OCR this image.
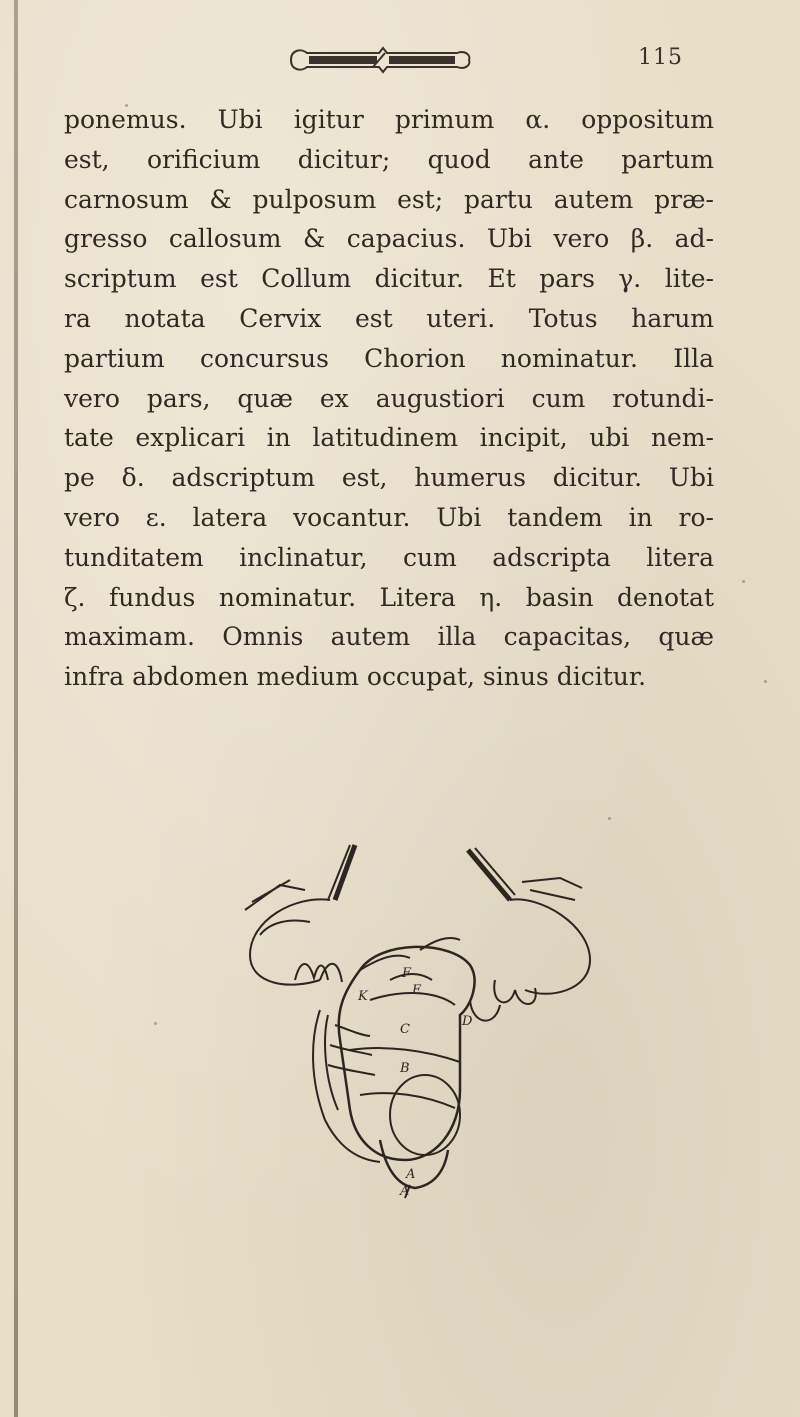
115
ponemus. Ubi igitur primum α. oppositum
est, orificium dicitur; quod ante partum
carnosum & pulposum est; partu autem præ-
gresso callosum & capacius. Ubi vero β. ad-
scriptum est Collum dicitur. Et pars γ. lite-
ra notata Cervix est uteri. Totus harum
partium concursus Chorion nominatur. Illa
vero pars, quæ ex augustiori cum rotundi-
tate explicari in latitudinem incipit, ubi nem-
pe δ. adscriptum est, humerus dicitur. Ubi
vero ε. latera vocantur. Ubi tandem in ro-
tunditatem inclinatur, cum adscripta litera
ζ. fundus nominatur. Litera η. basin denotat
maximam. Omnis autem illa capacitas, quæ
infra abdomen medium occupat, sinus dicitur.
F
E
K
D
C
B
A
A
